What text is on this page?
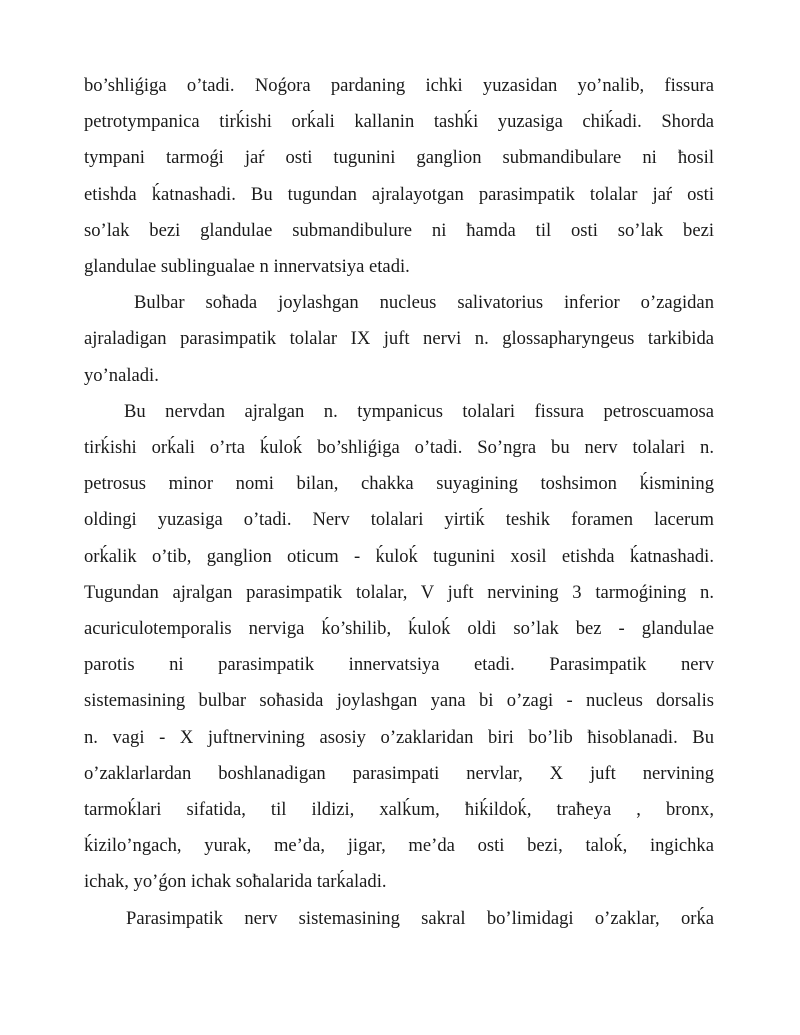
bo’shliǵiga o’tadi. Noǵora pardaning ichki yuzasidan yo’nalib, fissura
petrotympanica tirḱishi orḱali kallanin tashḱi yuzasiga chiḱadi. Shorda
tympani tarmoǵi jaŕ osti tugunini ganglion submandibulare ni ħosil
etishda ḱatnashadi. Bu tugundan ajralayotgan parasimpatik tolalar jaŕ osti
so’lak bezi glandulae submandibulure ni ħamda til osti so’lak bezi
glandulae sublingualae n innervatsiya etadi.
Bulbar soħada joylashgan nucleus salivatorius inferior o’zagidan
ajraladigan parasimpatik tolalar IX juft nervi n. glossapharyngeus tarkibida
yo’naladi.
Bu nervdan ajralgan n. tympanicus tolalari fissura petroscuamosa
tirḱishi orḱali o’rta ḱuloḱ bo’shliǵiga o’tadi. So’ngra bu nerv tolalari n.
petrosus minor nomi bilan, chakka suyagining toshsimon ḱismining
oldingi yuzasiga o’tadi. Nerv tolalari yirtiḱ teshik foramen lacerum
orḱalik o’tib, ganglion oticum - ḱuloḱ tugunini xosil etishda ḱatnashadi.
Tugundan ajralgan parasimpatik tolalar, V juft nervining 3 tarmoǵining n.
acuriculotemporalis nerviga ḱo’shilib, ḱuloḱ oldi so’lak bez - glandulae
parotis ni parasimpatik innervatsiya etadi. Parasimpatik nerv
sistemasining bulbar soħasida joylashgan yana bi o’zagi - nucleus dorsalis
n. vagi - X juftnervining asosiy o’zaklaridan biri bo’lib ħisoblanadi. Bu
o’zaklarlardan boshlanadigan parasimpati nervlar, X juft nervining
tarmoḱlari sifatida, til ildizi, xalḱum, ħiḱildoḱ, traħeya , bronx,
ḱizilo’ngach, yurak, me’da, jigar, me’da osti bezi, taloḱ, ingichka
ichak, yo’ǵon ichak soħalarida tarḱaladi.
Parasimpatik nerv sistemasining sakral bo’limidagi o’zaklar, orḱa
